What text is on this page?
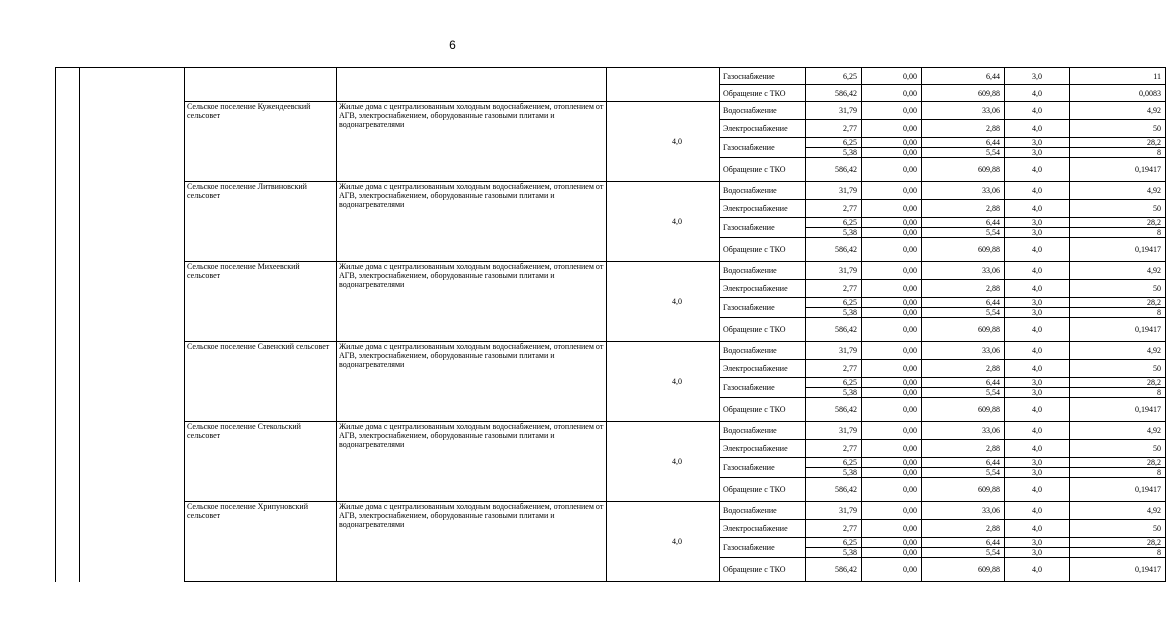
6
					Газоснабжение	6,25	0,00	6,44	3,0	11
					Обращение с ТКО	586,42	0,00	609,88	4,0	0,0083
		Сельское поселение Кужендеевский сельсовет	Жилые дома с централизованным холодным водоснабжением, отоплением от АГВ, электроснабжением, оборудованные газовыми плитами и водонагревателями	4,0	Водоснабжение	31,79	0,00	33,06	4,0	4,92
					Электроснабжение	2,77	0,00	2,88	4,0	50
					Газоснабжение	6,25	0,00	6,44	3,0	28,2
						5,38	0,00	5,54	3,0	8
					Обращение с ТКО	586,42	0,00	609,88	4,0	0,19417
		Сельское поселение Литвиновский сельсовет	Жилые дома с централизованным холодным водоснабжением, отоплением от АГВ, электроснабжением, оборудованные газовыми плитами и водонагревателями	4,0	Водоснабжение	31,79	0,00	33,06	4,0	4,92
					Электроснабжение	2,77	0,00	2,88	4,0	50
					Газоснабжение	6,25	0,00	6,44	3,0	28,2
						5,38	0,00	5,54	3,0	8
					Обращение с ТКО	586,42	0,00	609,88	4,0	0,19417
		Сельское поселение Михеевский сельсовет	Жилые дома с централизованным холодным водоснабжением, отоплением от АГВ, электроснабжением, оборудованные газовыми плитами и водонагревателями	4,0	Водоснабжение	31,79	0,00	33,06	4,0	4,92
					Электроснабжение	2,77	0,00	2,88	4,0	50
					Газоснабжение	6,25	0,00	6,44	3,0	28,2
						5,38	0,00	5,54	3,0	8
					Обращение с ТКО	586,42	0,00	609,88	4,0	0,19417
		Сельское поселение Савенский сельсовет	Жилые дома с централизованным холодным водоснабжением, отоплением от АГВ, электроснабжением, оборудованные газовыми плитами и водонагревателями	4,0	Водоснабжение	31,79	0,00	33,06	4,0	4,92
					Электроснабжение	2,77	0,00	2,88	4,0	50
					Газоснабжение	6,25	0,00	6,44	3,0	28,2
						5,38	0,00	5,54	3,0	8
					Обращение с ТКО	586,42	0,00	609,88	4,0	0,19417
		Сельское поселение Стекольский сельсовет	Жилые дома с централизованным холодным водоснабжением, отоплением от АГВ, электроснабжением, оборудованные газовыми плитами и водонагревателями	4,0	Водоснабжение	31,79	0,00	33,06	4,0	4,92
					Электроснабжение	2,77	0,00	2,88	4,0	50
					Газоснабжение	6,25	0,00	6,44	3,0	28,2
						5,38	0,00	5,54	3,0	8
					Обращение с ТКО	586,42	0,00	609,88	4,0	0,19417
		Сельское поселение Хрипуновский сельсовет	Жилые дома с централизованным холодным водоснабжением, отоплением от АГВ, электроснабжением, оборудованные газовыми плитами и водонагревателями	4,0	Водоснабжение	31,79	0,00	33,06	4,0	4,92
					Электроснабжение	2,77	0,00	2,88	4,0	50
					Газоснабжение	6,25	0,00	6,44	3,0	28,2
						5,38	0,00	5,54	3,0	8
					Обращение с ТКО	586,42	0,00	609,88	4,0	0,19417
